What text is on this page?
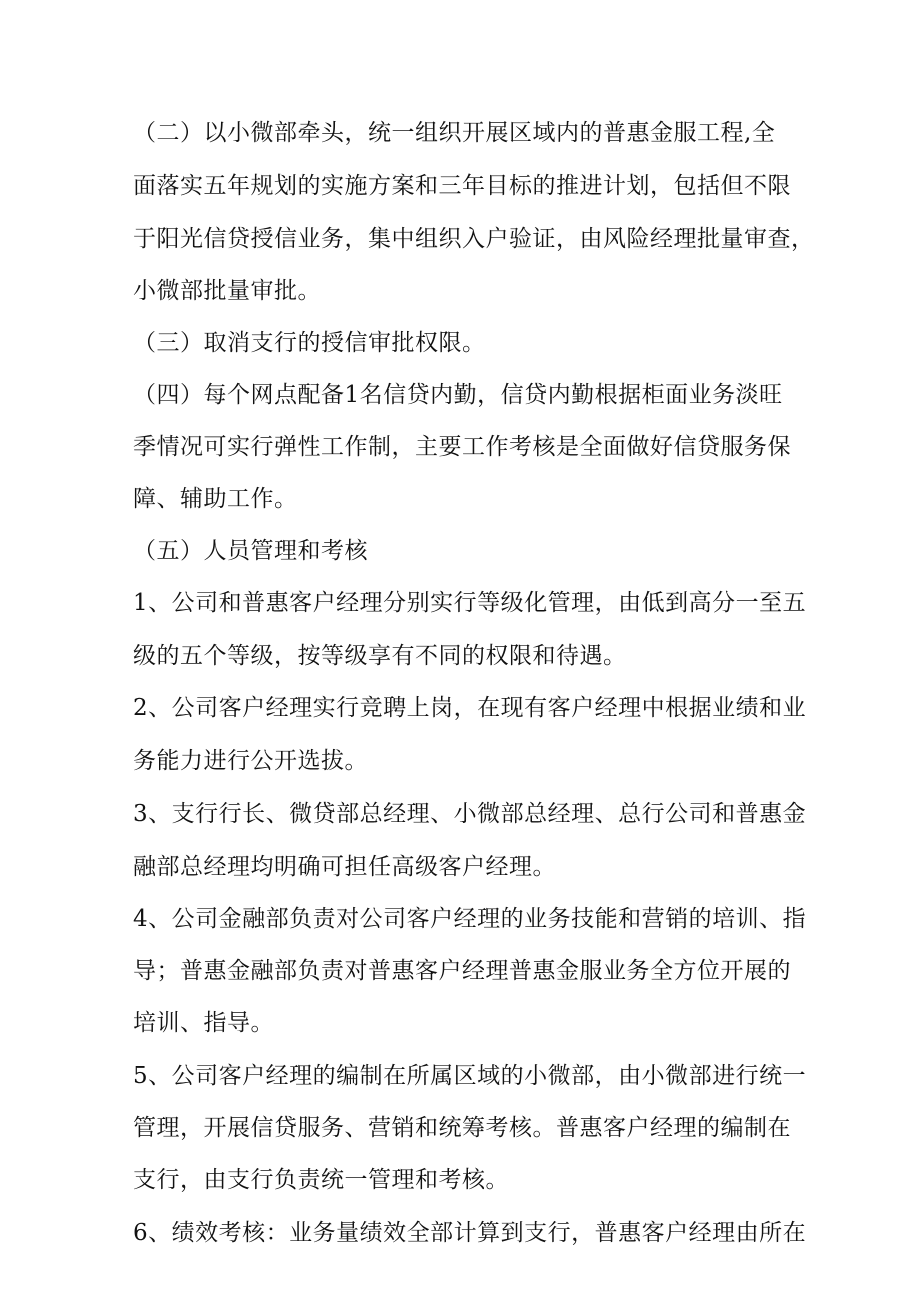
（二）以小微部牵头，统一组织开展区域内的普惠金服工程,全
面落实五年规划的实施方案和三年目标的推进计划，包括但不限
于阳光信贷授信业务，集中组织入户验证，由风险经理批量审查，
小微部批量审批。
（三）取消支行的授信审批权限。
（四）每个网点配备1名信贷内勤，信贷内勤根据柜面业务淡旺
季情况可实行弹性工作制，主要工作考核是全面做好信贷服务保
障、辅助工作。
（五）人员管理和考核
1、公司和普惠客户经理分别实行等级化管理，由低到高分一至五
级的五个等级，按等级享有不同的权限和待遇。
2、公司客户经理实行竞聘上岗，在现有客户经理中根据业绩和业
务能力进行公开选拔。
3、支行行长、微贷部总经理、小微部总经理、总行公司和普惠金
融部总经理均明确可担任高级客户经理。
4、公司金融部负责对公司客户经理的业务技能和营销的培训、指
导；普惠金融部负责对普惠客户经理普惠金服业务全方位开展的
培训、指导。
5、公司客户经理的编制在所属区域的小微部，由小微部进行统一
管理，开展信贷服务、营销和统筹考核。普惠客户经理的编制在
支行，由支行负责统一管理和考核。
6、绩效考核：业务量绩效全部计算到支行，普惠客户经理由所在
